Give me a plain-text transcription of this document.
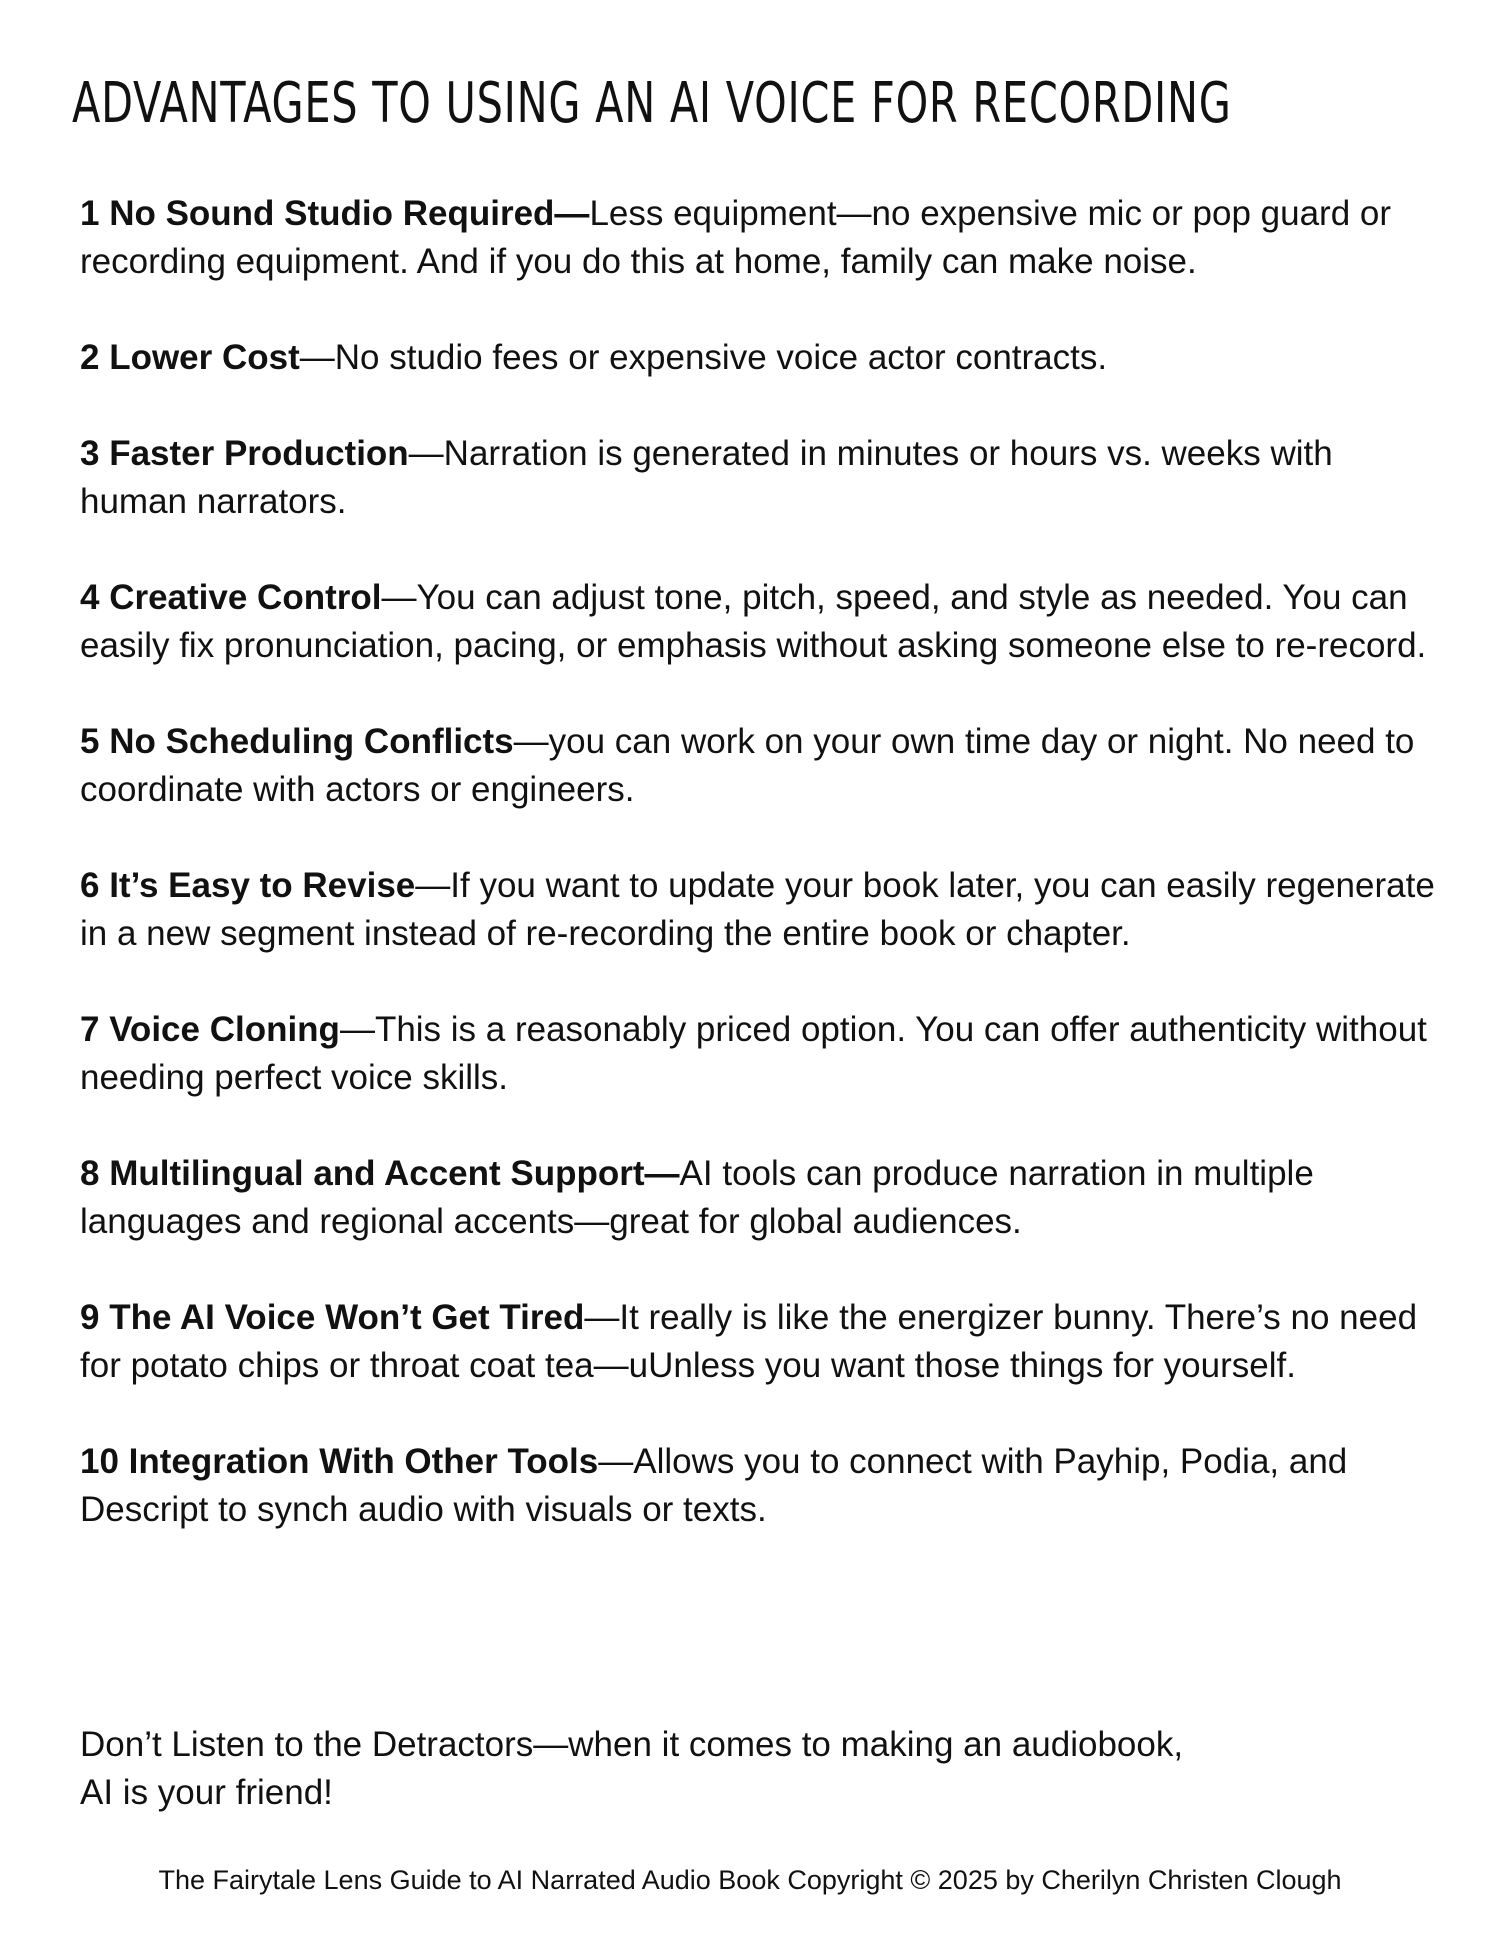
ADVANTAGES TO USING AN AI VOICE FOR RECORDING
1 No Sound Studio Required—Less equipment—no expensive mic or pop guard or recording equipment. And if you do this at home, family can make noise.
2 Lower Cost—No studio fees or expensive voice actor contracts.
3 Faster Production—Narration is generated in minutes or hours vs. weeks with human narrators.
4 Creative Control—You can adjust tone, pitch, speed, and style as needed. You can easily fix pronunciation, pacing, or emphasis without asking someone else to re-record.
5 No Scheduling Conflicts—you can work on your own time day or night. No need to coordinate with actors or engineers.
6 It’s Easy to Revise—If you want to update your book later, you can easily regenerate in a new segment instead of re-recording the entire book or chapter.
7 Voice Cloning—This is a reasonably priced option. You can offer authenticity without needing perfect voice skills.
8 Multilingual and Accent Support—AI tools can produce narration in multiple languages and regional accents—great for global audiences.
9 The AI Voice Won’t Get Tired—It really is like the energizer bunny. There’s no need for potato chips or throat coat tea—uUnless you want those things for yourself.
10 Integration With Other Tools—Allows you to connect with Payhip, Podia, and Descript to synch audio with visuals or texts.

Don’t Listen to the Detractors—when it comes to making an audiobook,
AI is your friend!

The Fairytale Lens Guide to AI Narrated Audio Book Copyright © 2025 by Cherilyn Christen Clough
